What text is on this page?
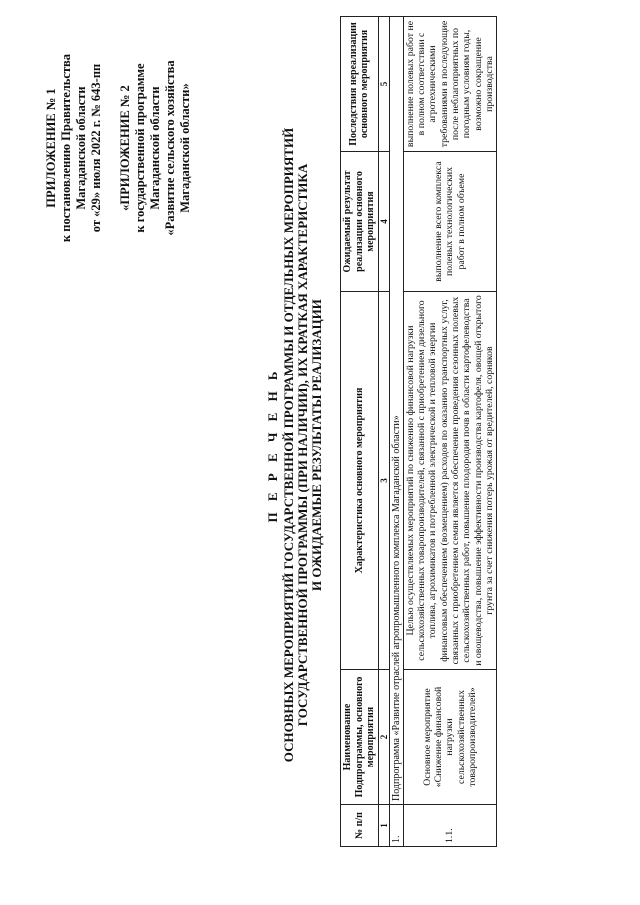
ПРИЛОЖЕНИЕ № 1 к постановлению Правительства Магаданской области от «29» июля 2022 г. № 643-пп «ПРИЛОЖЕНИЕ № 2 к государственной программе Магаданской области «Развитие сельского хозяйства Магаданской области»
П Е Р Е Ч Е Н Ь ОСНОВНЫХ МЕРОПРИЯТИЙ ГОСУДАРСТВЕННОЙ ПРОГРАММЫ И ОТДЕЛЬНЫХ МЕРОПРИЯТИЙ ГОСУДАРСТВЕННОЙ ПРОГРАММЫ (ПРИ НАЛИЧИИ), ИХ КРАТКАЯ ХАРАКТЕРИСТИКА И ОЖИДАЕМЫЕ РЕЗУЛЬТАТЫ РЕАЛИЗАЦИИ
№ п/п	Наименование Подпрограммы, основного мероприятия	Характеристика основного мероприятия	Ожидаемый результат реализации основного мероприятия	Последствия нереализации основного мероприятия
1	2	3	4	5
1.	Подпрограмма «Развитие отраслей агропромышленного комплекса Магаданской области»			
1.1.	Основное мероприятие «Снижение финансовой нагрузки сельскохозяйственных товаропроизводителей»	Целью осуществляемых мероприятий по снижению финансовой нагрузки сельскохозяйственных товаропроизводителей, связанной с приобретением дизельного топлива, агрохимикатов и потребленной электрической и тепловой энергии финансовым обеспечением (возмещением) расходов по оказанию транспортных услуг, связанных с приобретением семян является обеспечение проведения сезонных полевых сельскохозяйственных работ, повышение плодородия почв в области картофелеводства и овощеводства, повышение эффективности производства картофеля, овощей открытого грунта за счет снижения потерь урожая от вредителей, сорняков	выполнение всего комплекса полевых технологических работ в полном объеме	выполнение полевых работ не в полном соответствии с агротехническими требованиями в последующие после неблагоприятных по погодным условиям годы, возможно сокращение производства
